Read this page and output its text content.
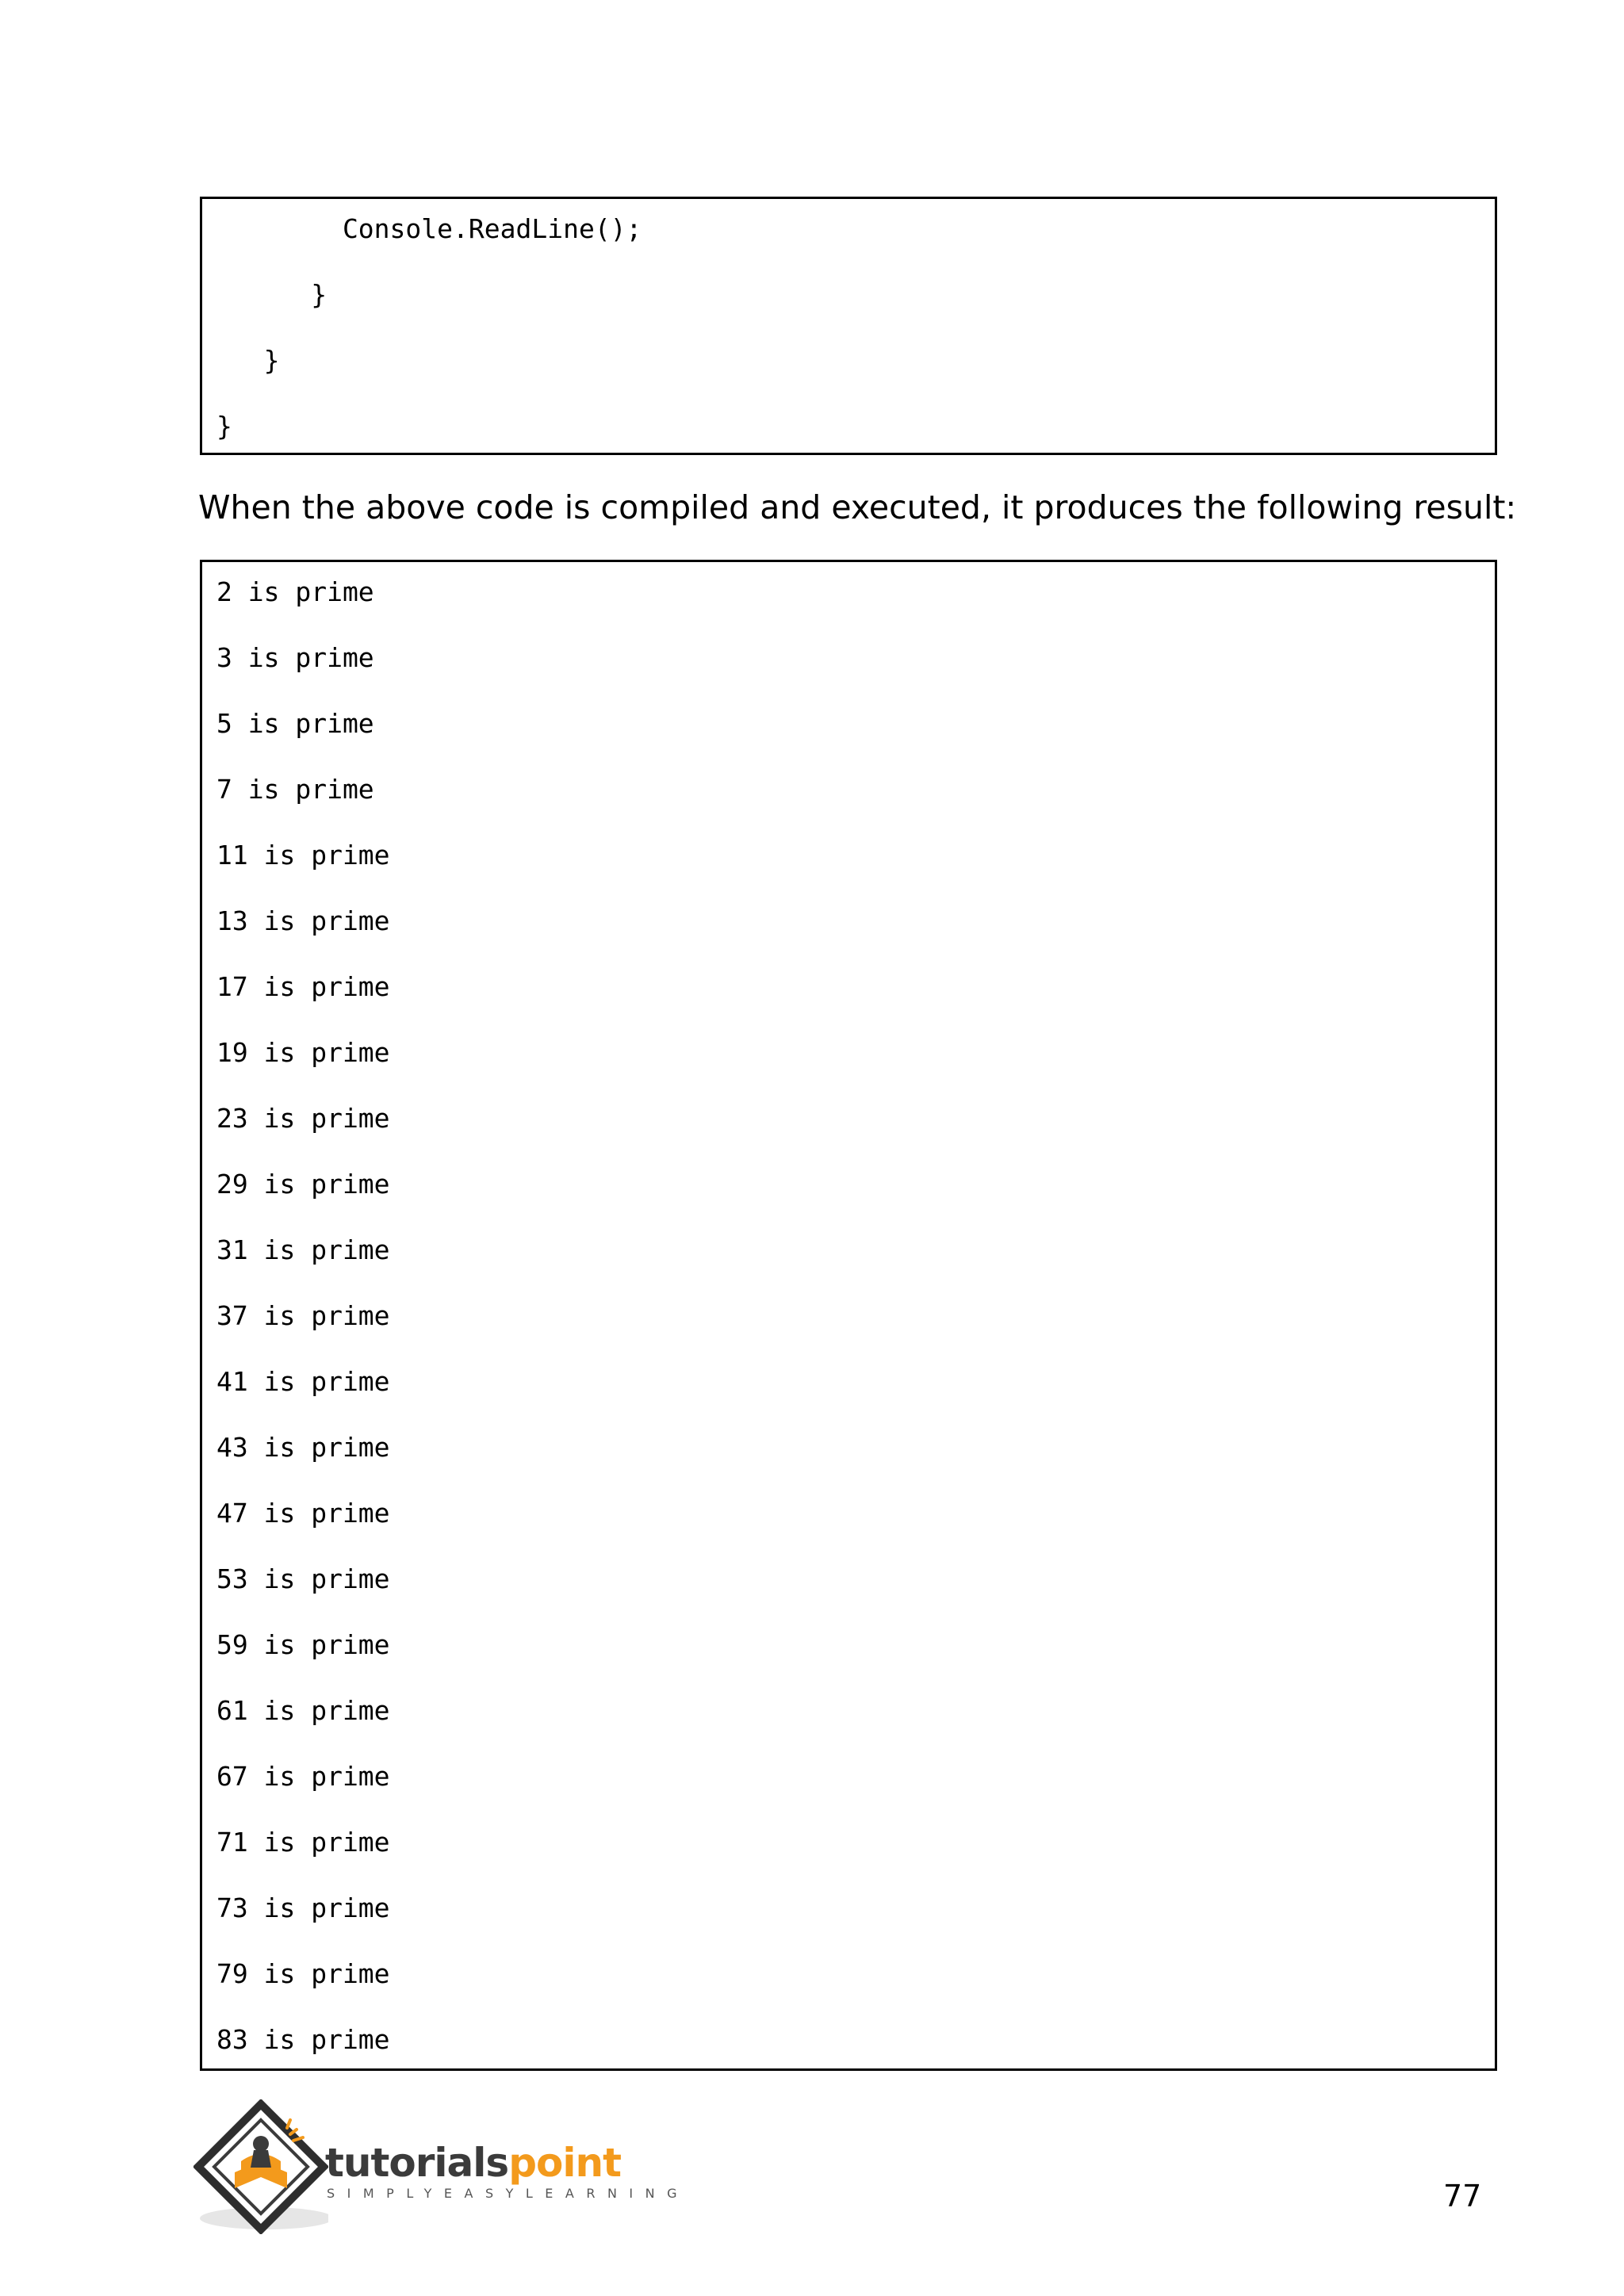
Console.ReadLine();
}
}
}
When the above code is compiled and executed, it produces the following result:
2 is prime
3 is prime
5 is prime
7 is prime
11 is prime
13 is prime
17 is prime
19 is prime
23 is prime
29 is prime
31 is prime
37 is prime
41 is prime
43 is prime
47 is prime
53 is prime
59 is prime
61 is prime
67 is prime
71 is prime
73 is prime
79 is prime
83 is prime
tutorialspoint
SIMPLYEASYLEARNING	77
